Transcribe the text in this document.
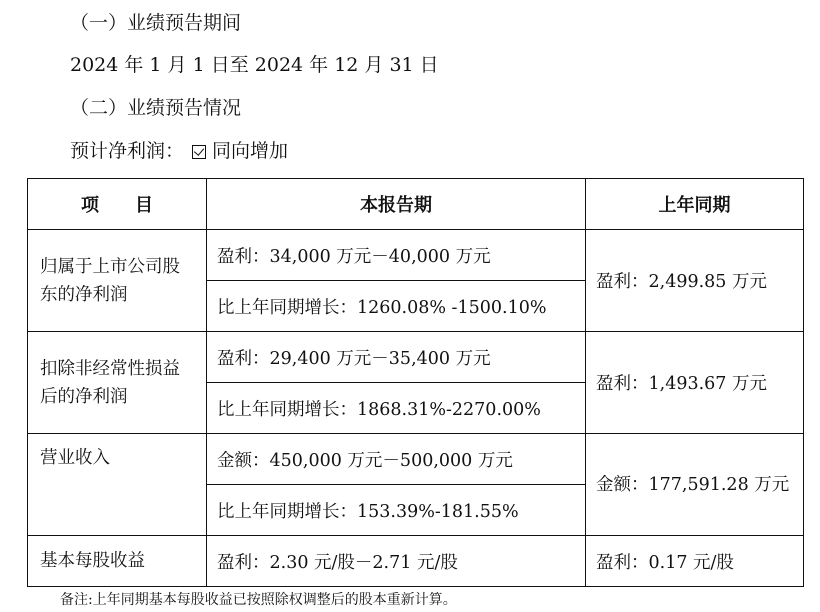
（一）业绩预告期间
2024 年 1 月 1 日至 2024 年 12 月 31 日
（二）业绩预告情况
预计净利润： 同向增加
项　　目	本报告期	上年同期
归属于上市公司股东的净利润	盈利：34,000 万元－40,000 万元	盈利：2,499.85 万元
	比上年同期增长：1260.08% -1500.10%	
扣除非经常性损益后的净利润	盈利：29,400 万元－35,400 万元	盈利：1,493.67 万元
	比上年同期增长：1868.31%-2270.00%	
营业收入	金额：450,000 万元－500,000 万元	金额：177,591.28 万元
	比上年同期增长：153.39%-181.55%	
基本每股收益	盈利：2.30 元/股－2.71 元/股	盈利：0.17 元/股
备注:上年同期基本每股收益已按照除权调整后的股本重新计算。
